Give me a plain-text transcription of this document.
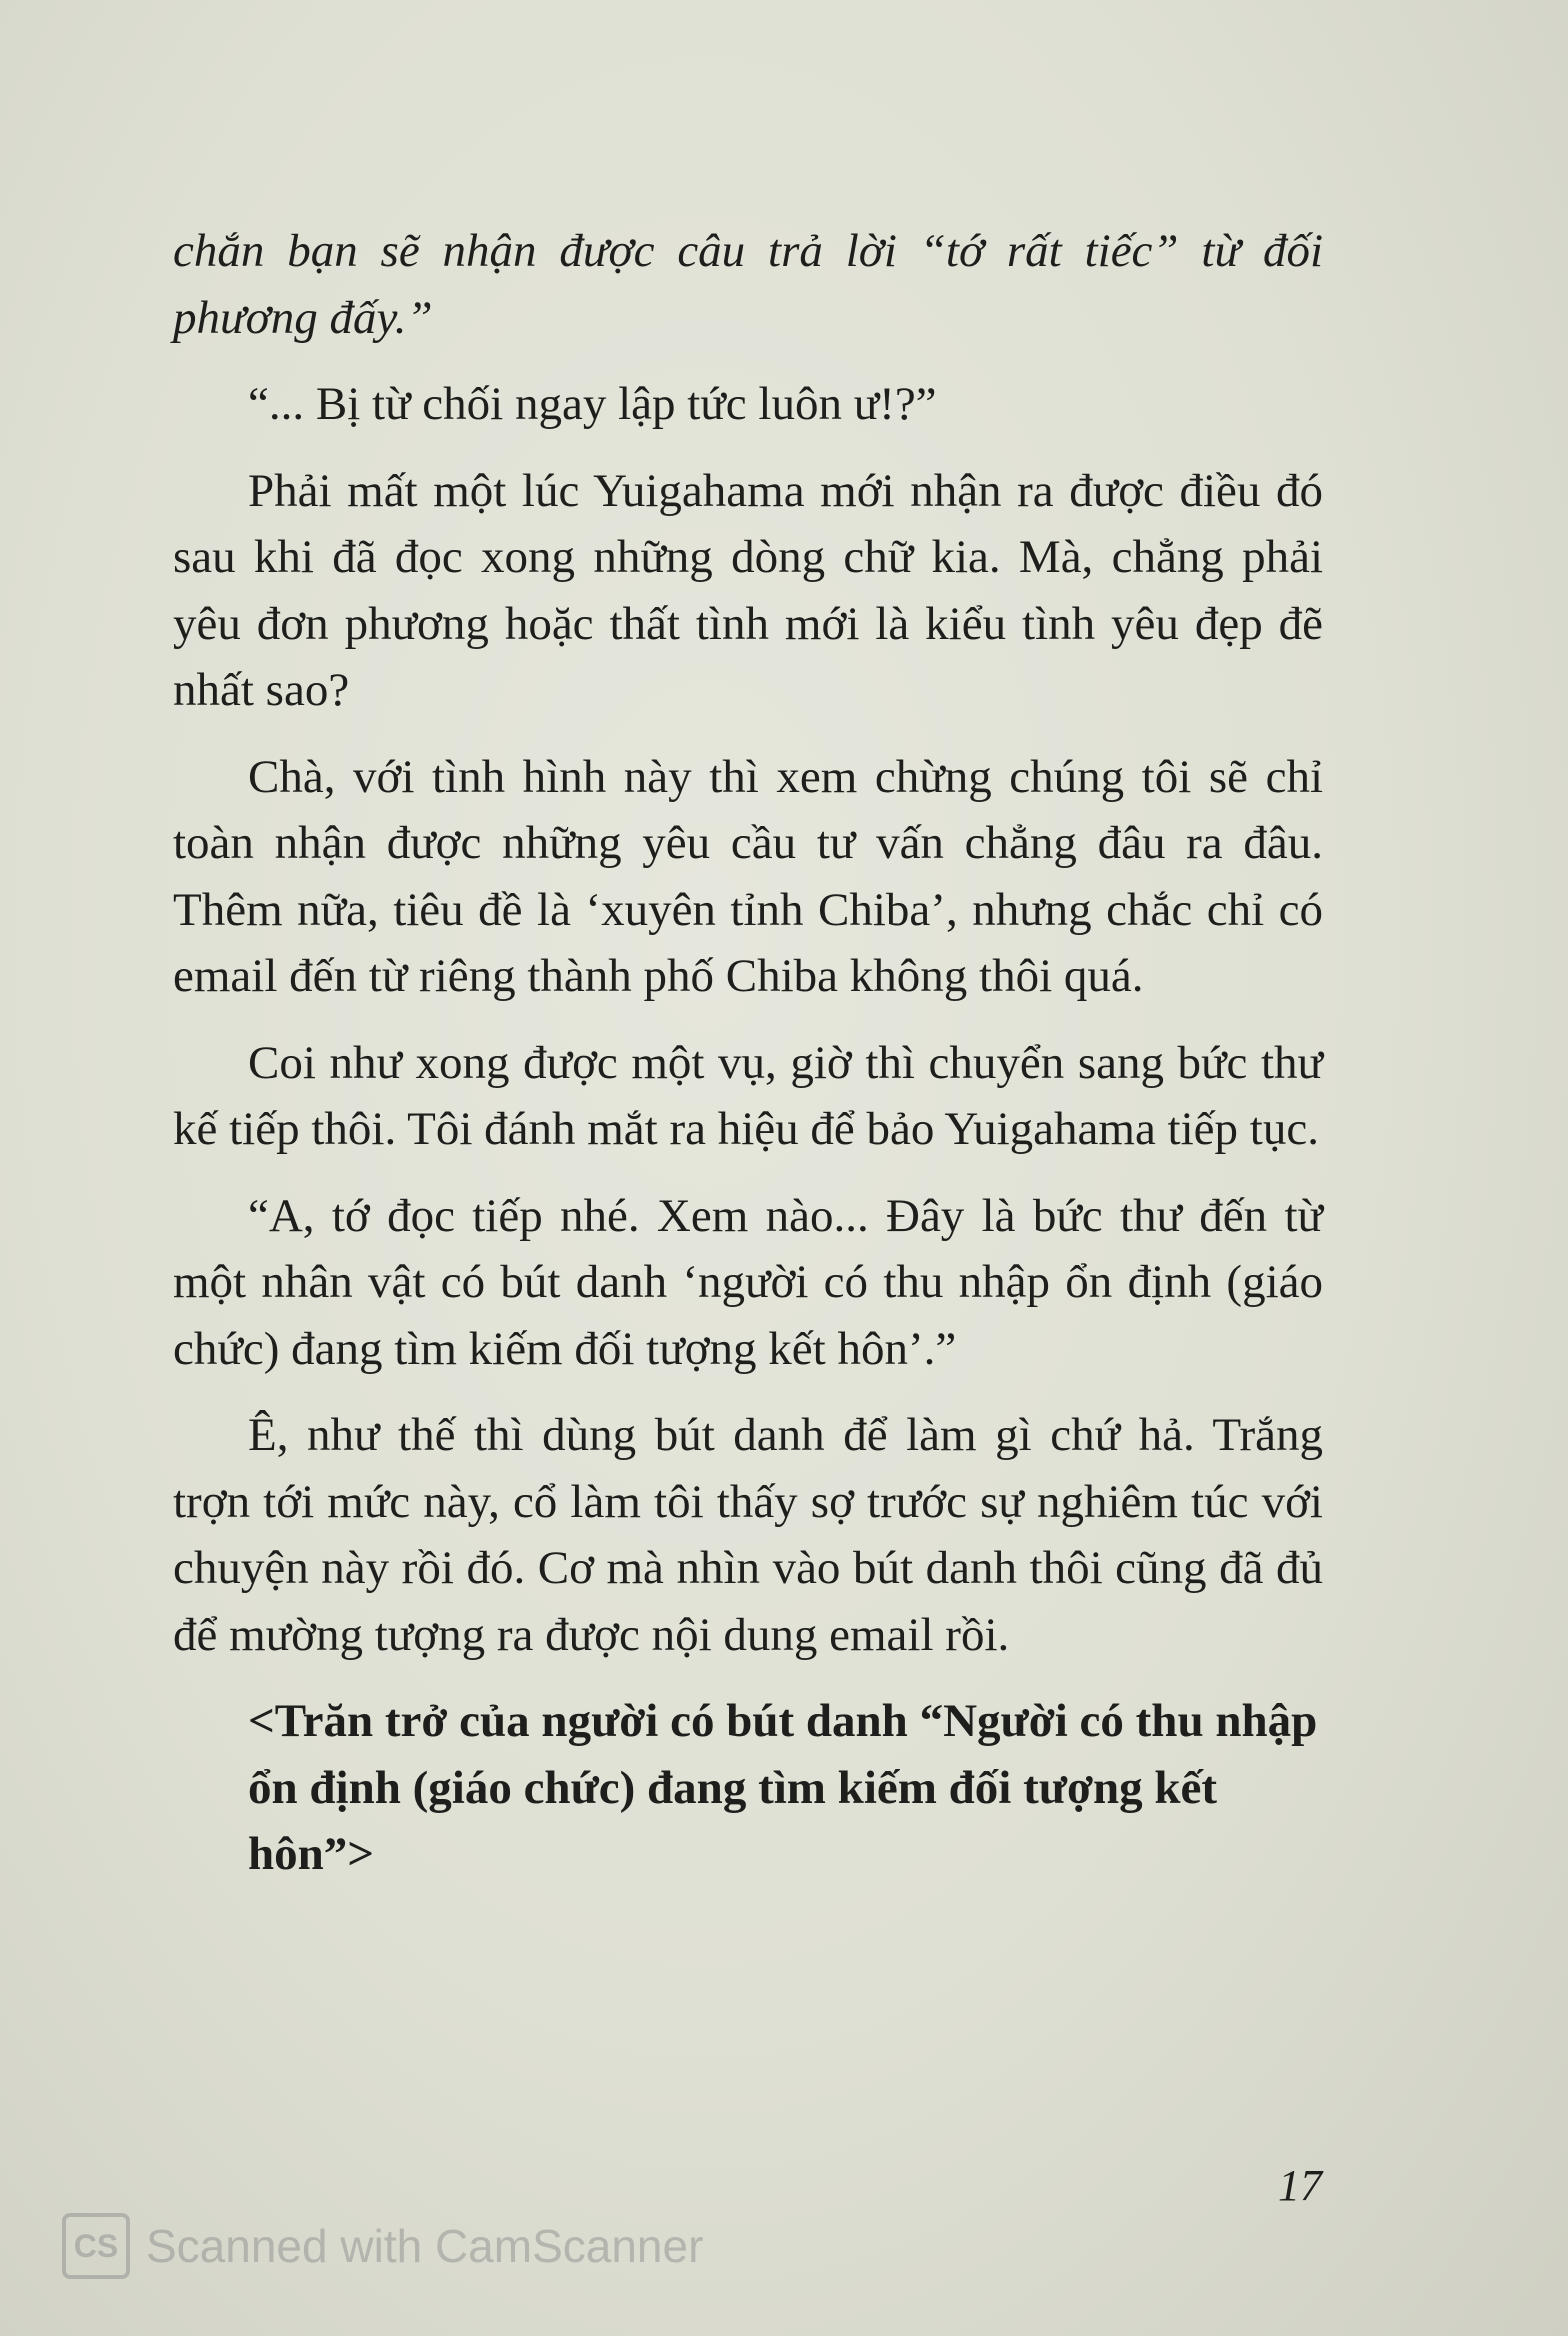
chắn bạn sẽ nhận được câu trả lời “tớ rất tiếc” từ đối phương đấy.”

“... Bị từ chối ngay lập tức luôn ư!?”

Phải mất một lúc Yuigahama mới nhận ra được điều đó sau khi đã đọc xong những dòng chữ kia. Mà, chẳng phải yêu đơn phương hoặc thất tình mới là kiểu tình yêu đẹp đẽ nhất sao?

Chà, với tình hình này thì xem chừng chúng tôi sẽ chỉ toàn nhận được những yêu cầu tư vấn chẳng đâu ra đâu. Thêm nữa, tiêu đề là ‘xuyên tỉnh Chiba’, nhưng chắc chỉ có email đến từ riêng thành phố Chiba không thôi quá.

Coi như xong được một vụ, giờ thì chuyển sang bức thư kế tiếp thôi. Tôi đánh mắt ra hiệu để bảo Yuigahama tiếp tục.

“A, tớ đọc tiếp nhé. Xem nào... Đây là bức thư đến từ một nhân vật có bút danh ‘người có thu nhập ổn định (giáo chức) đang tìm kiếm đối tượng kết hôn’.”

Ê, như thế thì dùng bút danh để làm gì chứ hả. Trắng trợn tới mức này, cổ làm tôi thấy sợ trước sự nghiêm túc với chuyện này rồi đó. Cơ mà nhìn vào bút danh thôi cũng đã đủ để mường tượng ra được nội dung email rồi.

<Trăn trở của người có bút danh “Người có thu nhập ổn định (giáo chức) đang tìm kiếm đối tượng kết hôn”>

17
CS Scanned with CamScanner
